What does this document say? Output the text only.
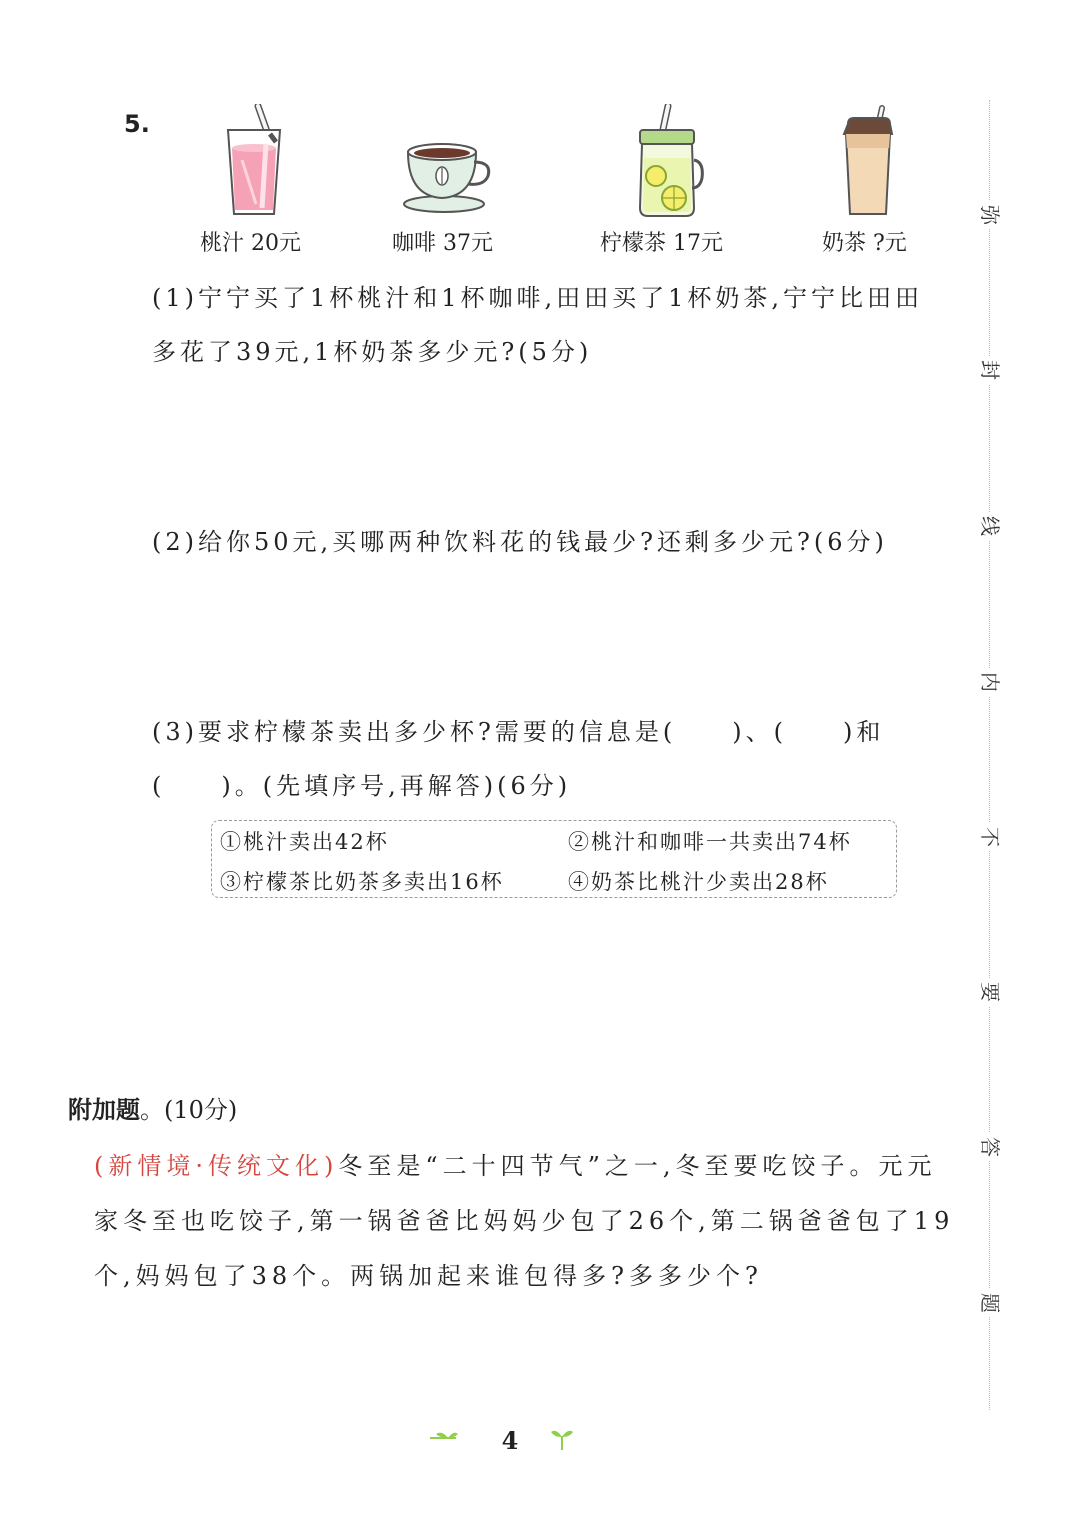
5.
桃汁 20元	咖啡 37元	柠檬茶 17元	奶茶 ?元
(1)宁宁买了1杯桃汁和1杯咖啡,田田买了1杯奶茶,宁宁比田田
多花了39元,1杯奶茶多少元?(5分)
(2)给你50元,买哪两种饮料花的钱最少?还剩多少元?(6分)
(3)要求柠檬茶卖出多少杯?需要的信息是(　　)、(　　)和
(　　)。(先填序号,再解答)(6分)
①桃汁卖出42杯	②桃汁和咖啡一共卖出74杯
③柠檬茶比奶茶多卖出16杯	④奶茶比桃汁少卖出28杯
附加题。(10分)
(新情境·传统文化)冬至是“二十四节气”之一,冬至要吃饺子。元元
家冬至也吃饺子,第一锅爸爸比妈妈少包了26个,第二锅爸爸包了19
个,妈妈包了38个。两锅加起来谁包得多?多多少个?
弥
封
线
内
不
要
答
题
4
